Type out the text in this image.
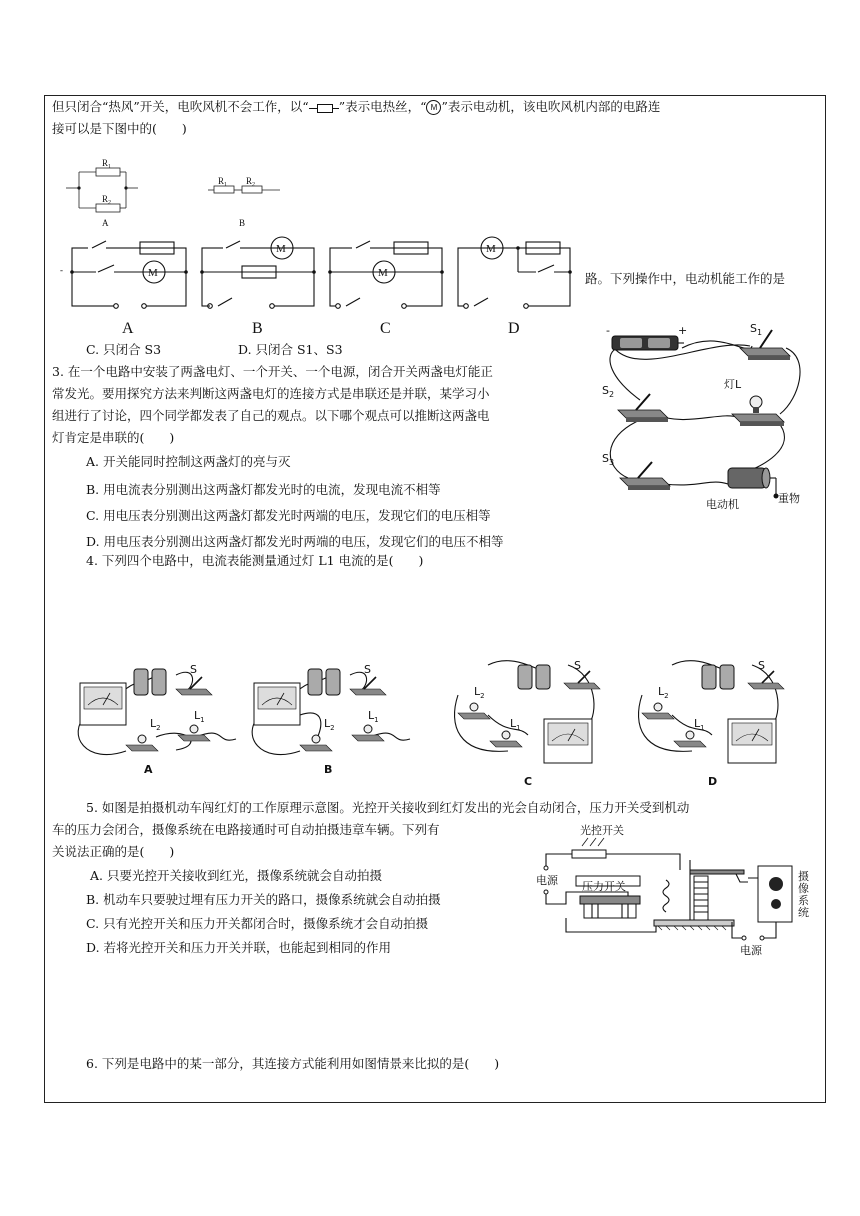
但只闭合“热风”开关，电吹风机不会工作，以“ ”表示电热丝，“ M ”表示电动机，该电吹风机内部的电路连
接可以是下图中的(　　)
$R_1$
$R_2$
$R_1$ $R_2$
A	B
-	M
M
M
M
A	B	C	D
路。下列操作中，电动机能工作的是
C. 只闭合 S3	D. 只闭合 S1、S3
3. 在一个电路中安装了两盏电灯、一个开关、一个电源，闭合开关两盏电灯能正
常发光。要用探究方法来判断这两盏电灯的连接方式是串联还是并联，某学习小
组进行了讨论，四个同学都发表了自己的观点。以下哪个观点可以推断这两盏电
灯肯定是串联的(　　)
A. 开关能同时控制这两盏灯的亮与灭
B. 用电流表分别测出这两盏灯都发光时的电流，发现电流不相等
C. 用电压表分别测出这两盏灯都发光时两端的电压，发现它们的电压相等
D. 用电压表分别测出这两盏灯都发光时两端的电压，发现它们的电压不相等
-	+	$S_1$
$S_2$
灯L
$S_3$
电动机	重物
4. 下列四个电路中，电流表能测量通过灯 L1 电流的是(　　)
S
$L_2$
$L_1$
A
S
$L_2$
$L_1$
B
S
$L_2$
$L_1$
C
S
$L_2$
$L_1$
D
5. 如图是拍摄机动车闯红灯的工作原理示意图。光控开关接收到红灯发出的光会自动闭合，压力开关受到机动
车的压力会闭合，摄像系统在电路接通时可自动拍摄违章车辆。下列有
关说法正确的是(　　)
A. 只要光控开关接收到红光，摄像系统就会自动拍摄
B. 机动车只要驶过埋有压力开关的路口，摄像系统就会自动拍摄
C. 只有光控开关和压力开关都闭合时，摄像系统才会自动拍摄
D. 若将光控开关和压力开关并联，也能起到相同的作用
光控开关
电源 压力开关
摄
像
系
统
电源
6. 下列是电路中的某一部分，其连接方式能利用如图情景来比拟的是(　　)
